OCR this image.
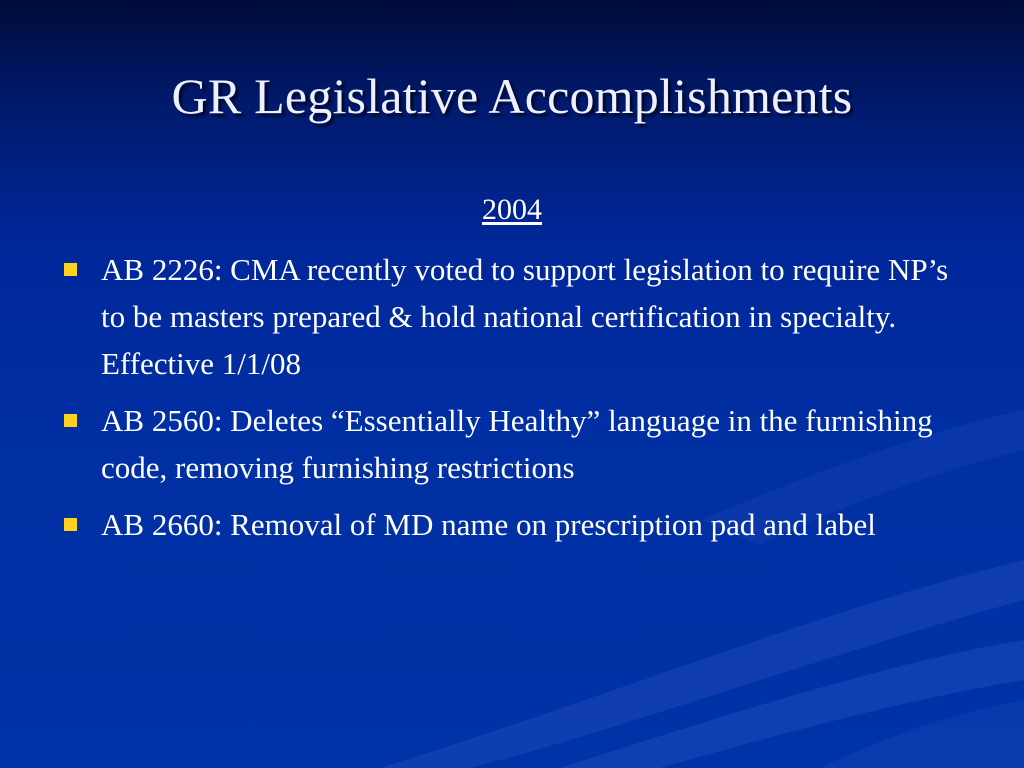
GR Legislative Accomplishments
2004
AB 2226: CMA recently voted to support legislation to require NP’s to be masters prepared & hold national certification in specialty. Effective 1/1/08
AB 2560: Deletes “Essentially Healthy” language in the furnishing code, removing furnishing restrictions
AB 2660: Removal of MD name on prescription pad and label
